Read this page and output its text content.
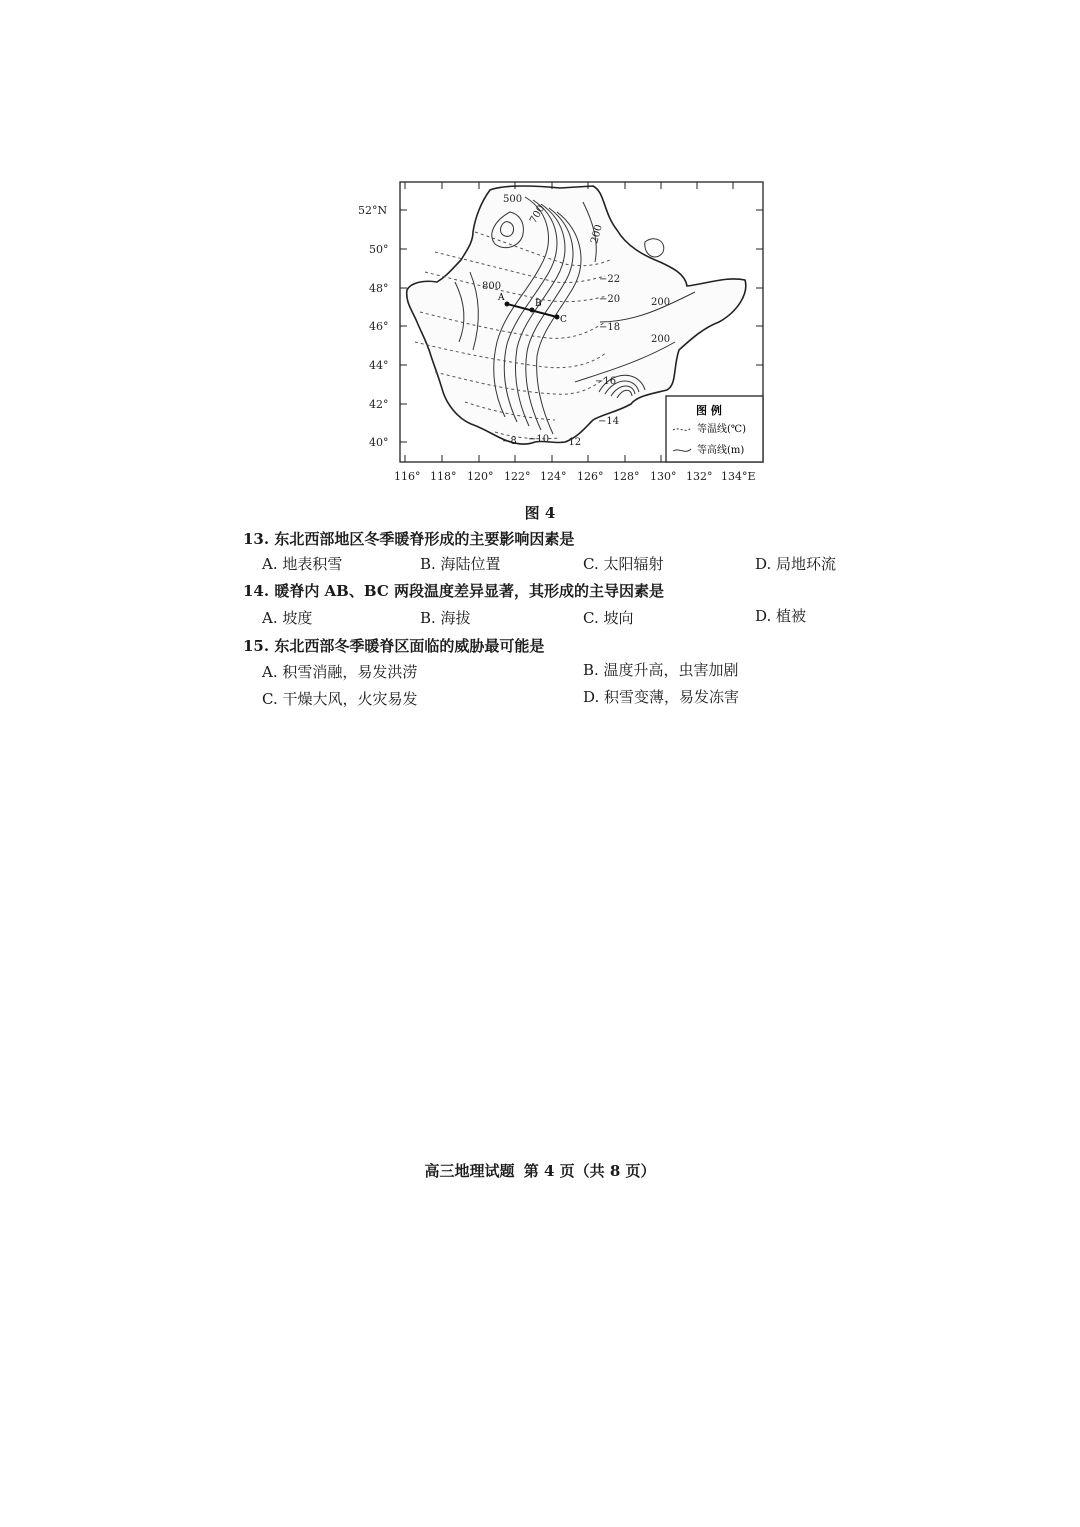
A
B
C
500
700
200
800
200
200
−22
−20
−18
−16
−14
−12
−10
−8
52°N
50°
48°
46°
44°
42°
40°
116° 118° 120° 122° 124° 126° 128° 130° 132° 134°E
图 例
等温线(℃)
等高线(m)
图 4
13. 东北西部地区冬季暖脊形成的主要影响因素是
A. 地表积雪	B. 海陆位置	C. 太阳辐射	D. 局地环流
14. 暖脊内 AB、BC 两段温度差异显著，其形成的主导因素是
A. 坡度	B. 海拔	C. 坡向	D. 植被
15. 东北西部冬季暖脊区面临的威胁最可能是
A. 积雪消融，易发洪涝	B. 温度升高，虫害加剧
C. 干燥大风，火灾易发	D. 积雪变薄，易发冻害
高三地理试题 第 4 页（共 8 页）
